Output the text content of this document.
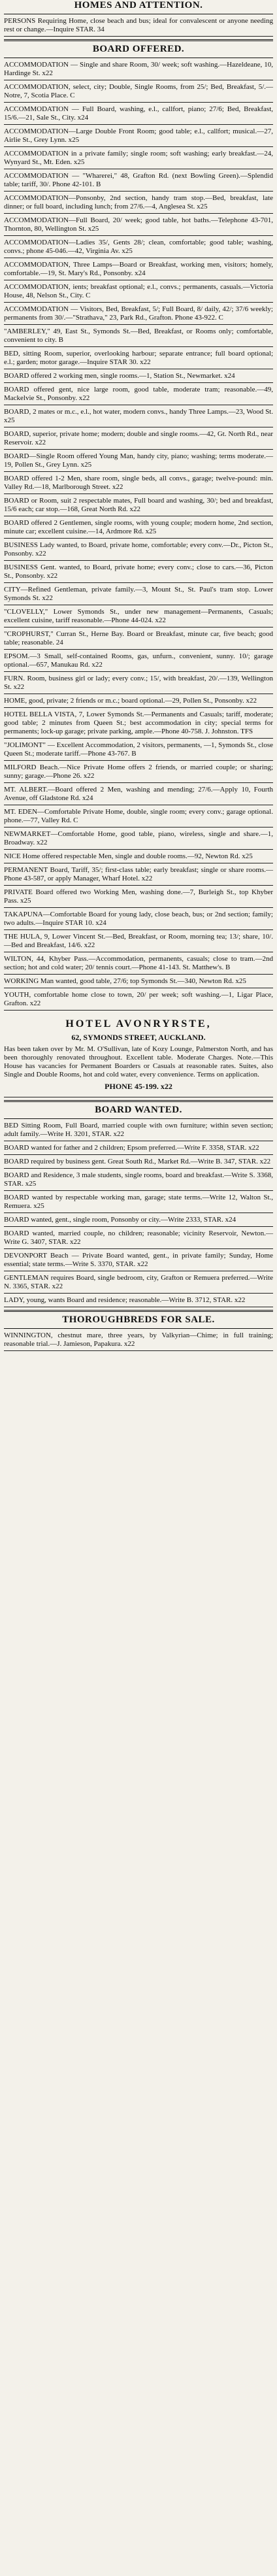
HOMES AND ATTENTION.
PERSONS Requiring Home, close beach and bus; ideal for convalescent or anyone needing rest or change.—Inquire STAR. 34
BOARD OFFERED.
ACCOMMODATION — Single and share Room, 30/ week; soft washing.—Hazeldeane, 10, Hardinge St. x22
ACCOMMODATION, select, city; Double, Single Rooms, from 25/; Bed, Breakfast, 5/.—Notre, 7, Scotia Place. C
ACCOMMODATION — Full Board, washing, e.l., callfort, piano; 27/6; Bed, Breakfast, 15/6.—21, Sale St., City. x24
ACCOMMODATION—Large Double Front Room; good table; e.l., callfort; musical.—27, Airlie St., Grey Lynn. x25
ACCOMMODATION in a private family; single room; soft washing; early breakfast.—24, Wynyard St., Mt. Eden. x25
ACCOMMODATION — "Wharerei," 48, Grafton Rd. (next Bowling Green).—Splendid table; tariff, 30/. Phone 42-101. B
ACCOMMODATION—Ponsonby, 2nd section, handy tram stop.—Bed, breakfast, late dinner; or full board, including lunch; from 27/6.—4, Anglesea St. x25
ACCOMMODATION—Full Board, 20/ week; good table, hot baths.—Telephone 43-701, Thornton, 80, Wellington St. x25
ACCOMMODATION—Ladies 35/, Gents 28/; clean, comfortable; good table; washing, convs.; phone 45-046.—42, Virginia Av. x25
ACCOMMODATION, Three Lamps—Board or Breakfast, working men, visitors; homely, comfortable.—19, St. Mary's Rd., Ponsonby. x24
ACCOMMODATION, ients; breakfast optional; e.l., convs.; permanents, casuals.—Victoria House, 48, Nelson St., City. C
ACCOMMODATION — Visitors, Bed, Breakfast, 5/; Full Board, 8/ daily, 42/; 37/6 weekly; permanents from 30/.—"Strathava," 23, Park Rd., Grafton. Phone 43-922. C
"AMBERLEY," 49, East St., Symonds St.—Bed, Breakfast, or Rooms only; comfortable, convenient to city. B
BED, sitting Room, superior, overlooking harbour; separate entrance; full board optional; e.l.; garden; motor garage.—Inquire STAR 30. x22
BOARD offered 2 working men, single rooms.—1, Station St., Newmarket. x24
BOARD offered gent, nice large room, good table, moderate tram; reasonable.—49, Mackelvie St., Ponsonby. x22
BOARD, 2 mates or m.c., e.l., hot water, modern convs., handy Three Lamps.—23, Wood St. x25
BOARD, superior, private home; modern; double and single rooms.—42, Gt. North Rd., near Reservoir. x22
BOARD—Single Room offered Young Man, handy city, piano; washing; terms moderate.—19, Pollen St., Grey Lynn. x25
BOARD offered 1-2 Men, share room, single beds, all convs., garage; twelve-pound: min. Valley Rd.—18, Marlborough Street. x22
BOARD or Room, suit 2 respectable mates, Full board and washing, 30/; bed and breakfast, 15/6 each; car stop.—168, Great North Rd. x22
BOARD offered 2 Gentlemen, single rooms, with young couple; modern home, 2nd section, minute car; excellent cuisine.—14, Ardmore Rd. x25
BUSINESS Lady wanted, to Board, private home, comfortable; every conv.—Dr., Picton St., Ponsonby. x22
BUSINESS Gent. wanted, to Board, private home; every conv.; close to cars.—36, Picton St., Ponsonby. x22
CITY—Refined Gentleman, private family.—3, Mount St., St. Paul's tram stop. Lower Symonds St. x22
"CLOVELLY," Lower Symonds St., under new management—Permanents, Casuals; excellent cuisine, tariff reasonable.—Phone 44-024. x22
"CROPHURST," Curran St., Herne Bay. Board or Breakfast, minute car, five beach; good table; reasonable. 24
EPSOM.—3 Small, self-contained Rooms, gas, unfurn., convenient, sunny. 10/; garage optional.—657, Manukau Rd. x22
FURN. Room, business girl or lady; every conv.; 15/, with breakfast, 20/.—139, Wellington St. x22
HOME, good, private; 2 friends or m.c.; board optional.—29, Pollen St., Ponsonby. x22
HOTEL BELLA VISTA, 7, Lower Symonds St.—Permanents and Casuals; tariff, moderate; good table; 2 minutes from Queen St.; best accommodation in city; special terms for permanents; lock-up garage; private parking, ample.—Phone 40-758. J. Johnston. TFS
"JOLIMONT" — Excellent Accommodation, 2 visitors, permanents, —1, Symonds St., close Queen St.; moderate tariff.—Phone 43-767. B
MILFORD Beach.—Nice Private Home offers 2 friends, or married couple; or sharing; sunny; garage.—Phone 26. x22
MT. ALBERT.—Board offered 2 Men, washing and mending; 27/6.—Apply 10, Fourth Avenue, off Gladstone Rd. x24
MT. EDEN—Comfortable Private Home, double, single room; every conv.; garage optional. phone.—77, Valley Rd. C
NEWMARKET—Comfortable Home, good table, piano, wireless, single and share.—1, Broadway. x22
NICE Home offered respectable Men, single and double rooms.—92, Newton Rd. x25
PERMANENT Board, Tariff, 35/; first-class table; early breakfast; single or share rooms.—Phone 43-587, or apply Manager, Wharf Hotel. x22
PRIVATE Board offered two Working Men, washing done.—7, Burleigh St., top Khyber Pass. x25
TAKAPUNA—Comfortable Board for young lady, close beach, bus; or 2nd section; family; two adults.—Inquire STAR 10. x24
THE HULA, 9, Lower Vincent St.—Bed, Breakfast, or Room, morning tea; 13/; share, 10/.—Bed and Breakfast, 14/6. x22
WILTON, 44, Khyber Pass.—Accommodation, permanents, casuals; close to tram.—2nd section; hot and cold water; 20/ tennis court.—Phone 41-143. St. Matthew's. B
WORKING Man wanted, good table, 27/6; top Symonds St.—340, Newton Rd. x25
YOUTH, comfortable home close to town, 20/ per week; soft washing.—1, Ligar Place, Grafton. x22
HOTEL AVONRYRSTE,
62, SYMONDS STREET, AUCKLAND.
Has been taken over by Mr. M. O'Sullivan, late of Kozy Lounge, Palmerston North, and has been thoroughly renovated throughout. Excellent table. Moderate Charges. Note.—This House has vacancies for Permanent Boarders or Casuals at reasonable rates. Suites, also Single and Double Rooms, hot and cold water, every convenience. Terms on application.
PHONE 45-199. x22
BOARD WANTED.
BED Sitting Room, Full Board, married couple with own furniture; within seven section; adult family.—Write H. 3201, STAR. x22
BOARD wanted for father and 2 children; Epsom preferred.—Write F. 3358, STAR. x22
BOARD required by business gent. Great South Rd., Market Rd.—Write B. 347, STAR. x22
BOARD and Residence, 3 male students, single rooms, board and breakfast.—Write S. 3368, STAR. x25
BOARD wanted by respectable working man, garage; state terms.—Write 12, Walton St., Remuera. x25
BOARD wanted, gent., single room, Ponsonby or city.—Write 2333, STAR. x24
BOARD wanted, married couple, no children; reasonable; vicinity Reservoir, Newton.—Write G. 3407, STAR. x22
DEVONPORT Beach — Private Board wanted, gent., in private family; Sunday, Home essential; state terms.—Write S. 3370, STAR. x22
GENTLEMAN requires Board, single bedroom, city, Grafton or Remuera preferred.—Write N. 3365, STAR. x22
LADY, young, wants Board and residence; reasonable.—Write B. 3712, STAR. x22
THOROUGHBREDS FOR SALE.
WINNINGTON, chestnut mare, three years, by Valkyrian—Chime; in full training; reasonable trial.—J. Jamieson, Papakura. x22
